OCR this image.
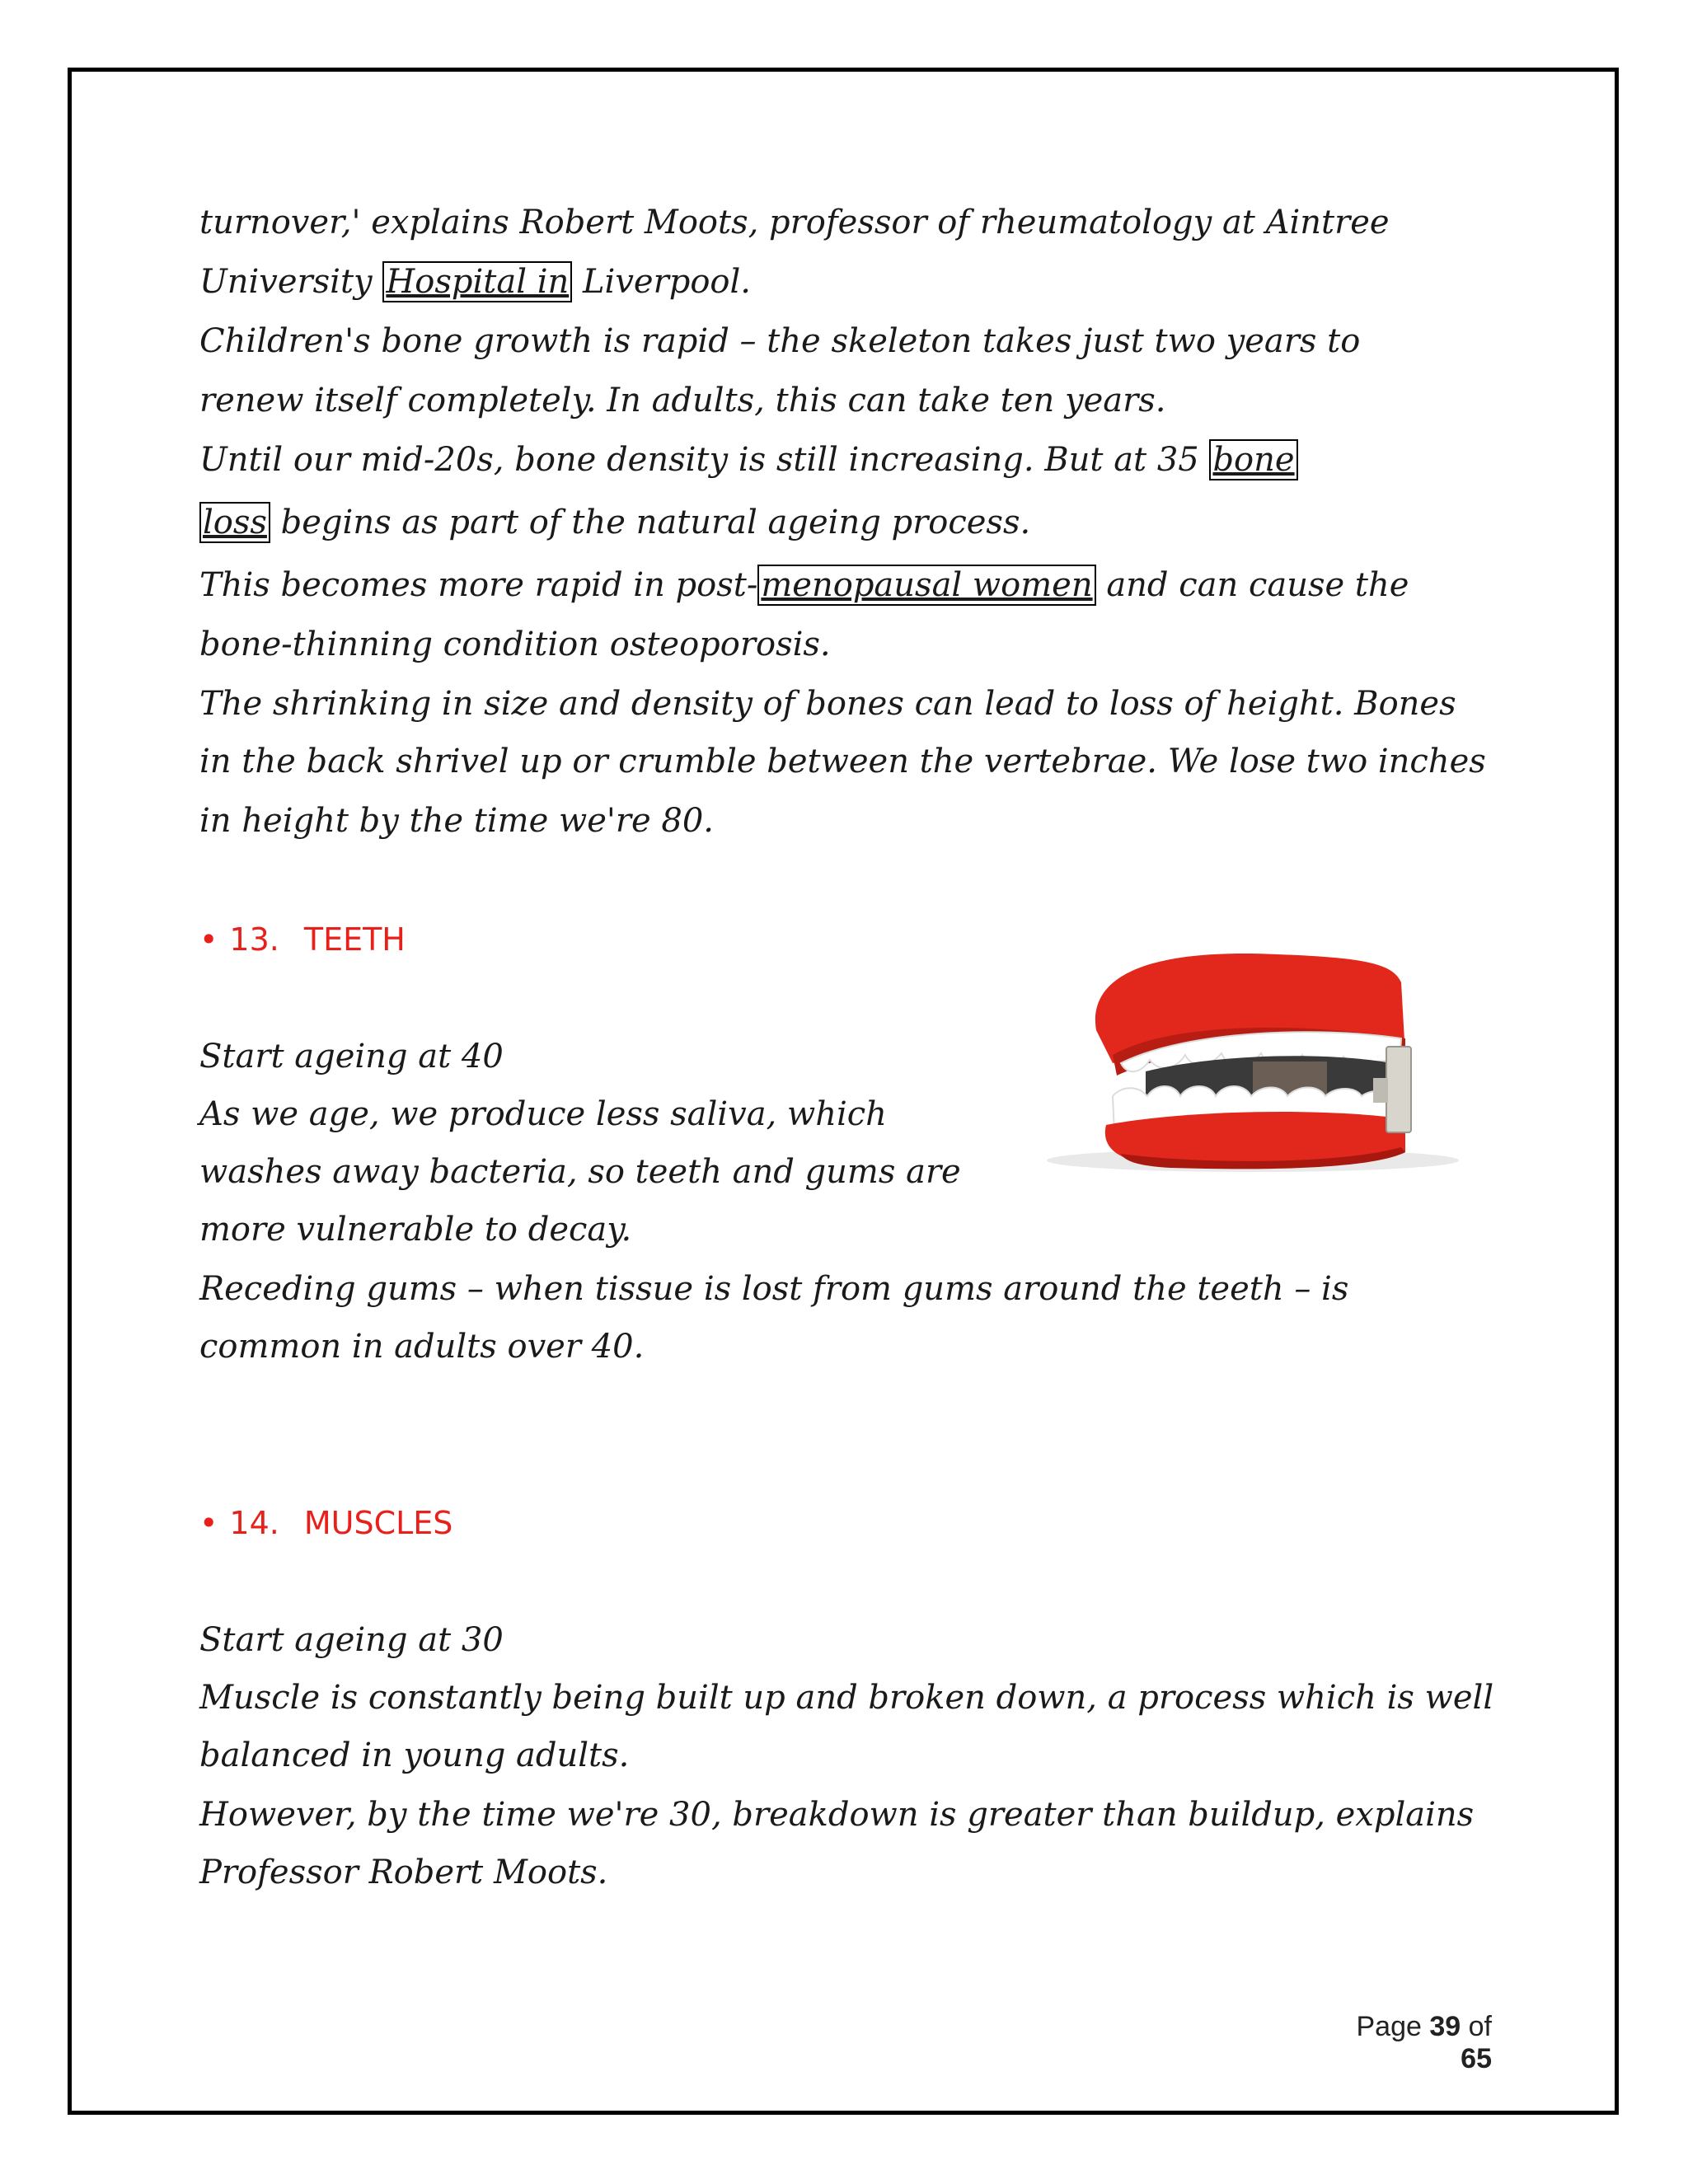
turnover,' explains Robert Moots, professor of rheumatology at Aintree
University Hospital in Liverpool.
Children's bone growth is rapid – the skeleton takes just two years to
renew itself completely. In adults, this can take ten years.
Until our mid-20s, bone density is still increasing. But at 35 bone
loss begins as part of the natural ageing process.
This becomes more rapid in post- menopausal women and can cause the
bone-thinning condition osteoporosis.
The shrinking in size and density of bones can lead to loss of height. Bones
in the back shrivel up or crumble between the vertebrae. We lose two inches
in height by the time we're 80.
• 13. TEETH
Start ageing at 40
As we age, we produce less saliva, which
washes away bacteria, so teeth and gums are
more vulnerable to decay.
Receding gums – when tissue is lost from gums around the teeth – is
common in adults over 40.
• 14. MUSCLES
Start ageing at 30
Muscle is constantly being built up and broken down, a process which is well
balanced in young adults.
However, by the time we're 30, breakdown is greater than buildup, explains
Professor Robert Moots.
Page 39 of 65
